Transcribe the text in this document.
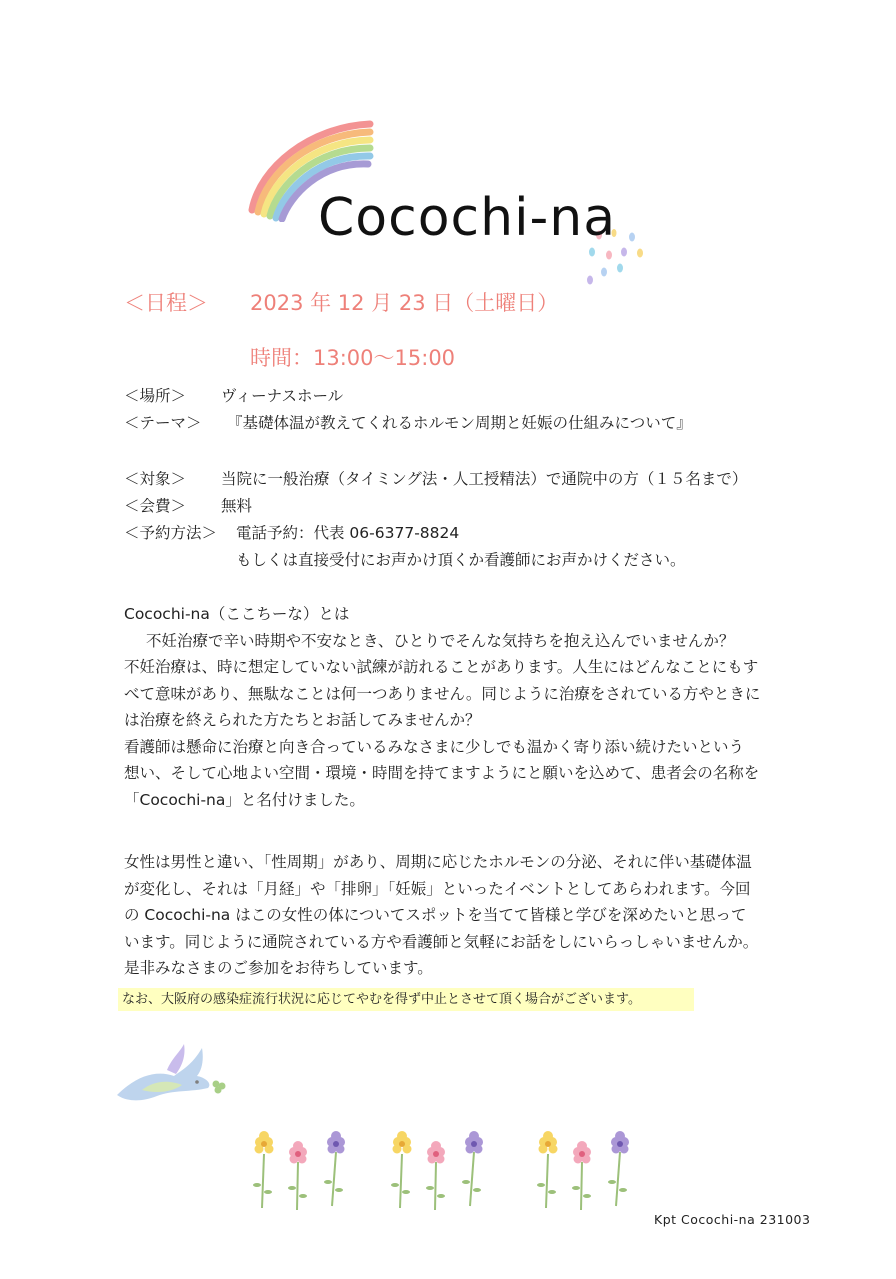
Cocochi-na
＜日程＞ 2023 年 12 月 23 日（土曜日）
時間：13:00～15:00
＜場所＞ ヴィーナスホール
＜テーマ＞ 『基礎体温が教えてくれるホルモン周期と妊娠の仕組みについて』
＜対象＞ 当院に一般治療（タイミング法・人工授精法）で通院中の方（１５名まで）
＜会費＞ 無料
＜予約方法＞ 電話予約：代表 06-6377-8824
もしくは直接受付にお声かけ頂くか看護師にお声かけください。

Cocochi-na（ここちーな）とは

不妊治療で辛い時期や不安なとき、ひとりでそんな気持ちを抱え込んでいませんか？

不妊治療は、時に想定していない試練が訪れることがあります。人生にはどんなことにもす

べて意味があり、無駄なことは何一つありません。同じように治療をされている方やときに

は治療を終えられた方たちとお話してみませんか？

看護師は懸命に治療と向き合っているみなさまに少しでも温かく寄り添い続けたいという

想い、そして心地よい空間・環境・時間を持てますようにと願いを込めて、患者会の名称を

「Cocochi-na」と名付けました。

女性は男性と違い、「性周期」があり、周期に応じたホルモンの分泌、それに伴い基礎体温

が変化し、それは「月経」や「排卵」「妊娠」といったイベントとしてあらわれます。今回

の Cocochi-na はこの女性の体についてスポットを当てて皆様と学びを深めたいと思って

います。同じように通院されている方や看護師と気軽にお話をしにいらっしゃいませんか。

是非みなさまのご参加をお待ちしています。

なお、大阪府の感染症流行状況に応じてやむを得ず中止とさせて頂く場合がございます。
Kpt Cocochi-na 231003
